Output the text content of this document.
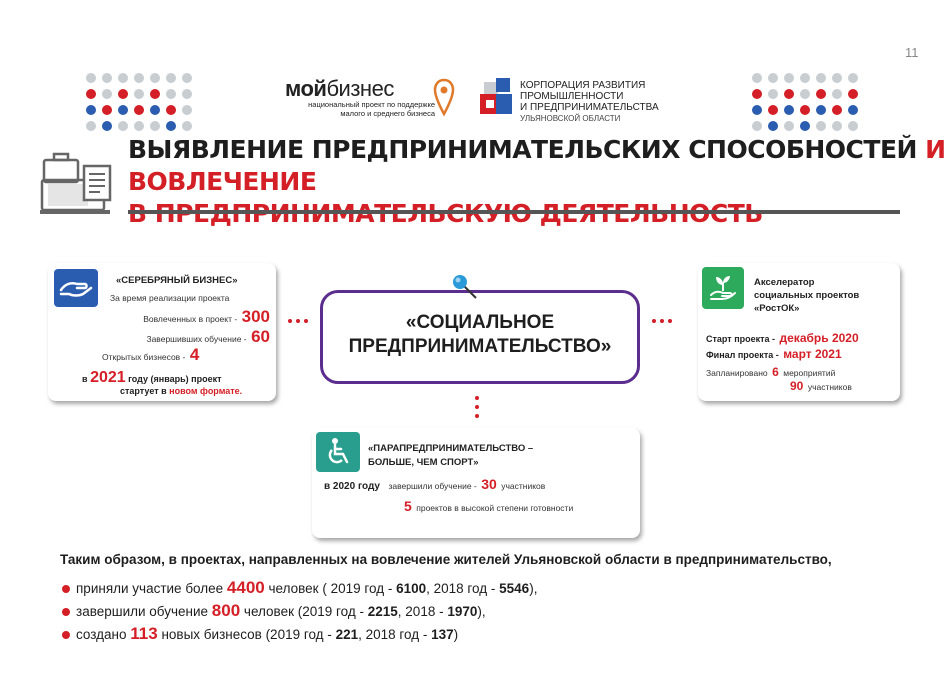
11
мойбизнес
национальный проект по поддержке
малого и среднего бизнеса
КОРПОРАЦИЯ РАЗВИТИЯ
ПРОМЫШЛЕННОСТИ
И ПРЕДПРИНИМАТЕЛЬСТВА
УЛЬЯНОВСКОЙ ОБЛАСТИ
ВЫЯВЛЕНИЕ ПРЕДПРИНИМАТЕЛЬСКИХ СПОСОБНОСТЕЙ И ВОВЛЕЧЕНИЕ
«СЕРЕБРЯНЫЙ БИЗНЕС»
За время реализации проекта
Вовлеченных в проект - 300
Завершивших обучение - 60
Открытых бизнесов - 4
в 2021 году (январь) проект
стартует в новом формате.
«СОЦИАЛЬНОЕ
ПРЕДПРИНИМАТЕЛЬСТВО»
Акселератор
социальных проектов
«РостОК»
Старт проекта - декабрь 2020
Финал проекта - март 2021
Запланировано 6 мероприятий
90 участников
«ПАРАПРЕДПРИНИМАТЕЛЬСТВО –
БОЛЬШЕ, ЧЕМ СПОРТ»
в 2020 году завершили обучение - 30 участников
5 проектов в высокой степени готовности
Таким образом, в проектах, направленных на вовлечение жителей Ульяновской области в предпринимательство,
приняли участие более 4400 человек ( 2019 год - 6100, 2018 год - 5546),
завершили обучение 800 человек (2019 год - 2215, 2018 - 1970),
создано 113 новых бизнесов (2019 год - 221, 2018 год - 137)
